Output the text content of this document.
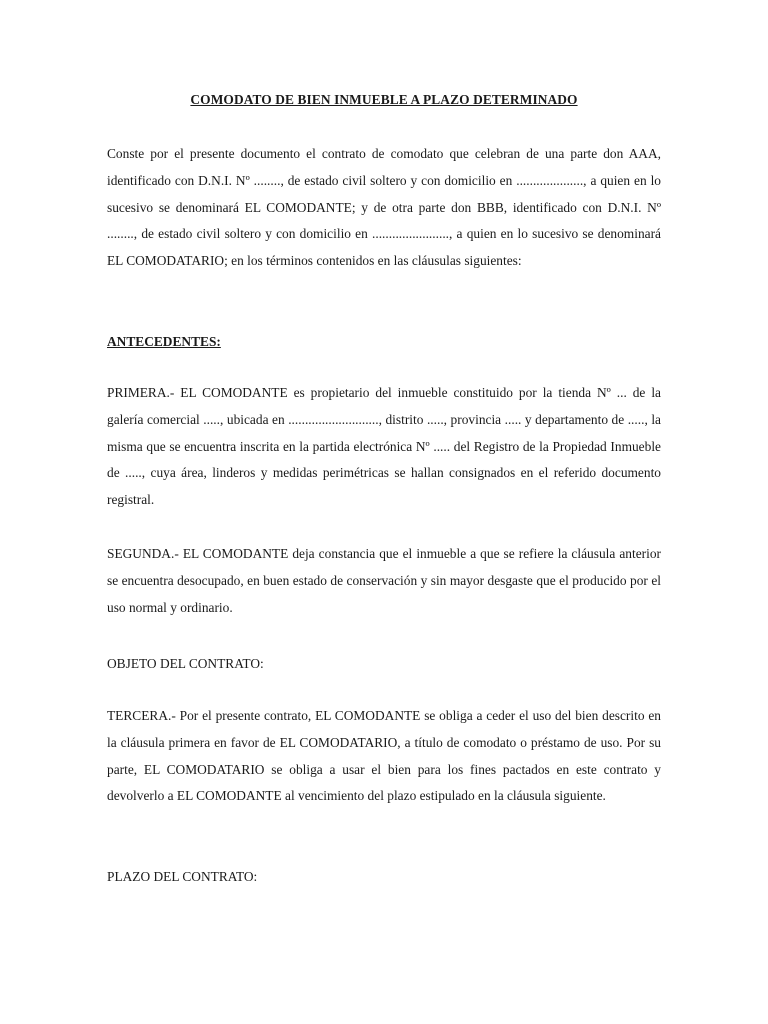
COMODATO DE BIEN INMUEBLE A PLAZO DETERMINADO

Conste por el presente documento el contrato de comodato que celebran de una parte don AAA, identificado con D.N.I. Nº ........, de estado civil soltero y con domicilio en ...................., a quien en lo sucesivo se denominará EL COMODANTE; y de otra parte don BBB, identificado con D.N.I. Nº ........, de estado civil soltero y con domicilio en ......................., a quien en lo sucesivo se denominará EL COMODATARIO; en los términos contenidos en las cláusulas siguientes:

ANTECEDENTES:

PRIMERA.- EL COMODANTE es propietario del inmueble constituido por la tienda Nº ... de la galería comercial ....., ubicada en ..........................., distrito ....., provincia ..... y departamento de ....., la misma que se encuentra inscrita en la partida electrónica Nº ..... del Registro de la Propiedad Inmueble de ....., cuya área, linderos y medidas perimétricas se hallan consignados en el referido documento registral.

SEGUNDA.- EL COMODANTE deja constancia que el inmueble a que se refiere la cláusula anterior se encuentra desocupado, en buen estado de conservación y sin mayor desgaste que el producido por el uso normal y ordinario.

OBJETO DEL CONTRATO:

TERCERA.- Por el presente contrato, EL COMODANTE se obliga a ceder el uso del bien descrito en la cláusula primera en favor de EL COMODATARIO, a título de comodato o préstamo de uso. Por su parte, EL COMODATARIO se obliga a usar el bien para los fines pactados en este contrato y devolverlo a EL COMODANTE al vencimiento del plazo estipulado en la cláusula siguiente.

PLAZO DEL CONTRATO:
